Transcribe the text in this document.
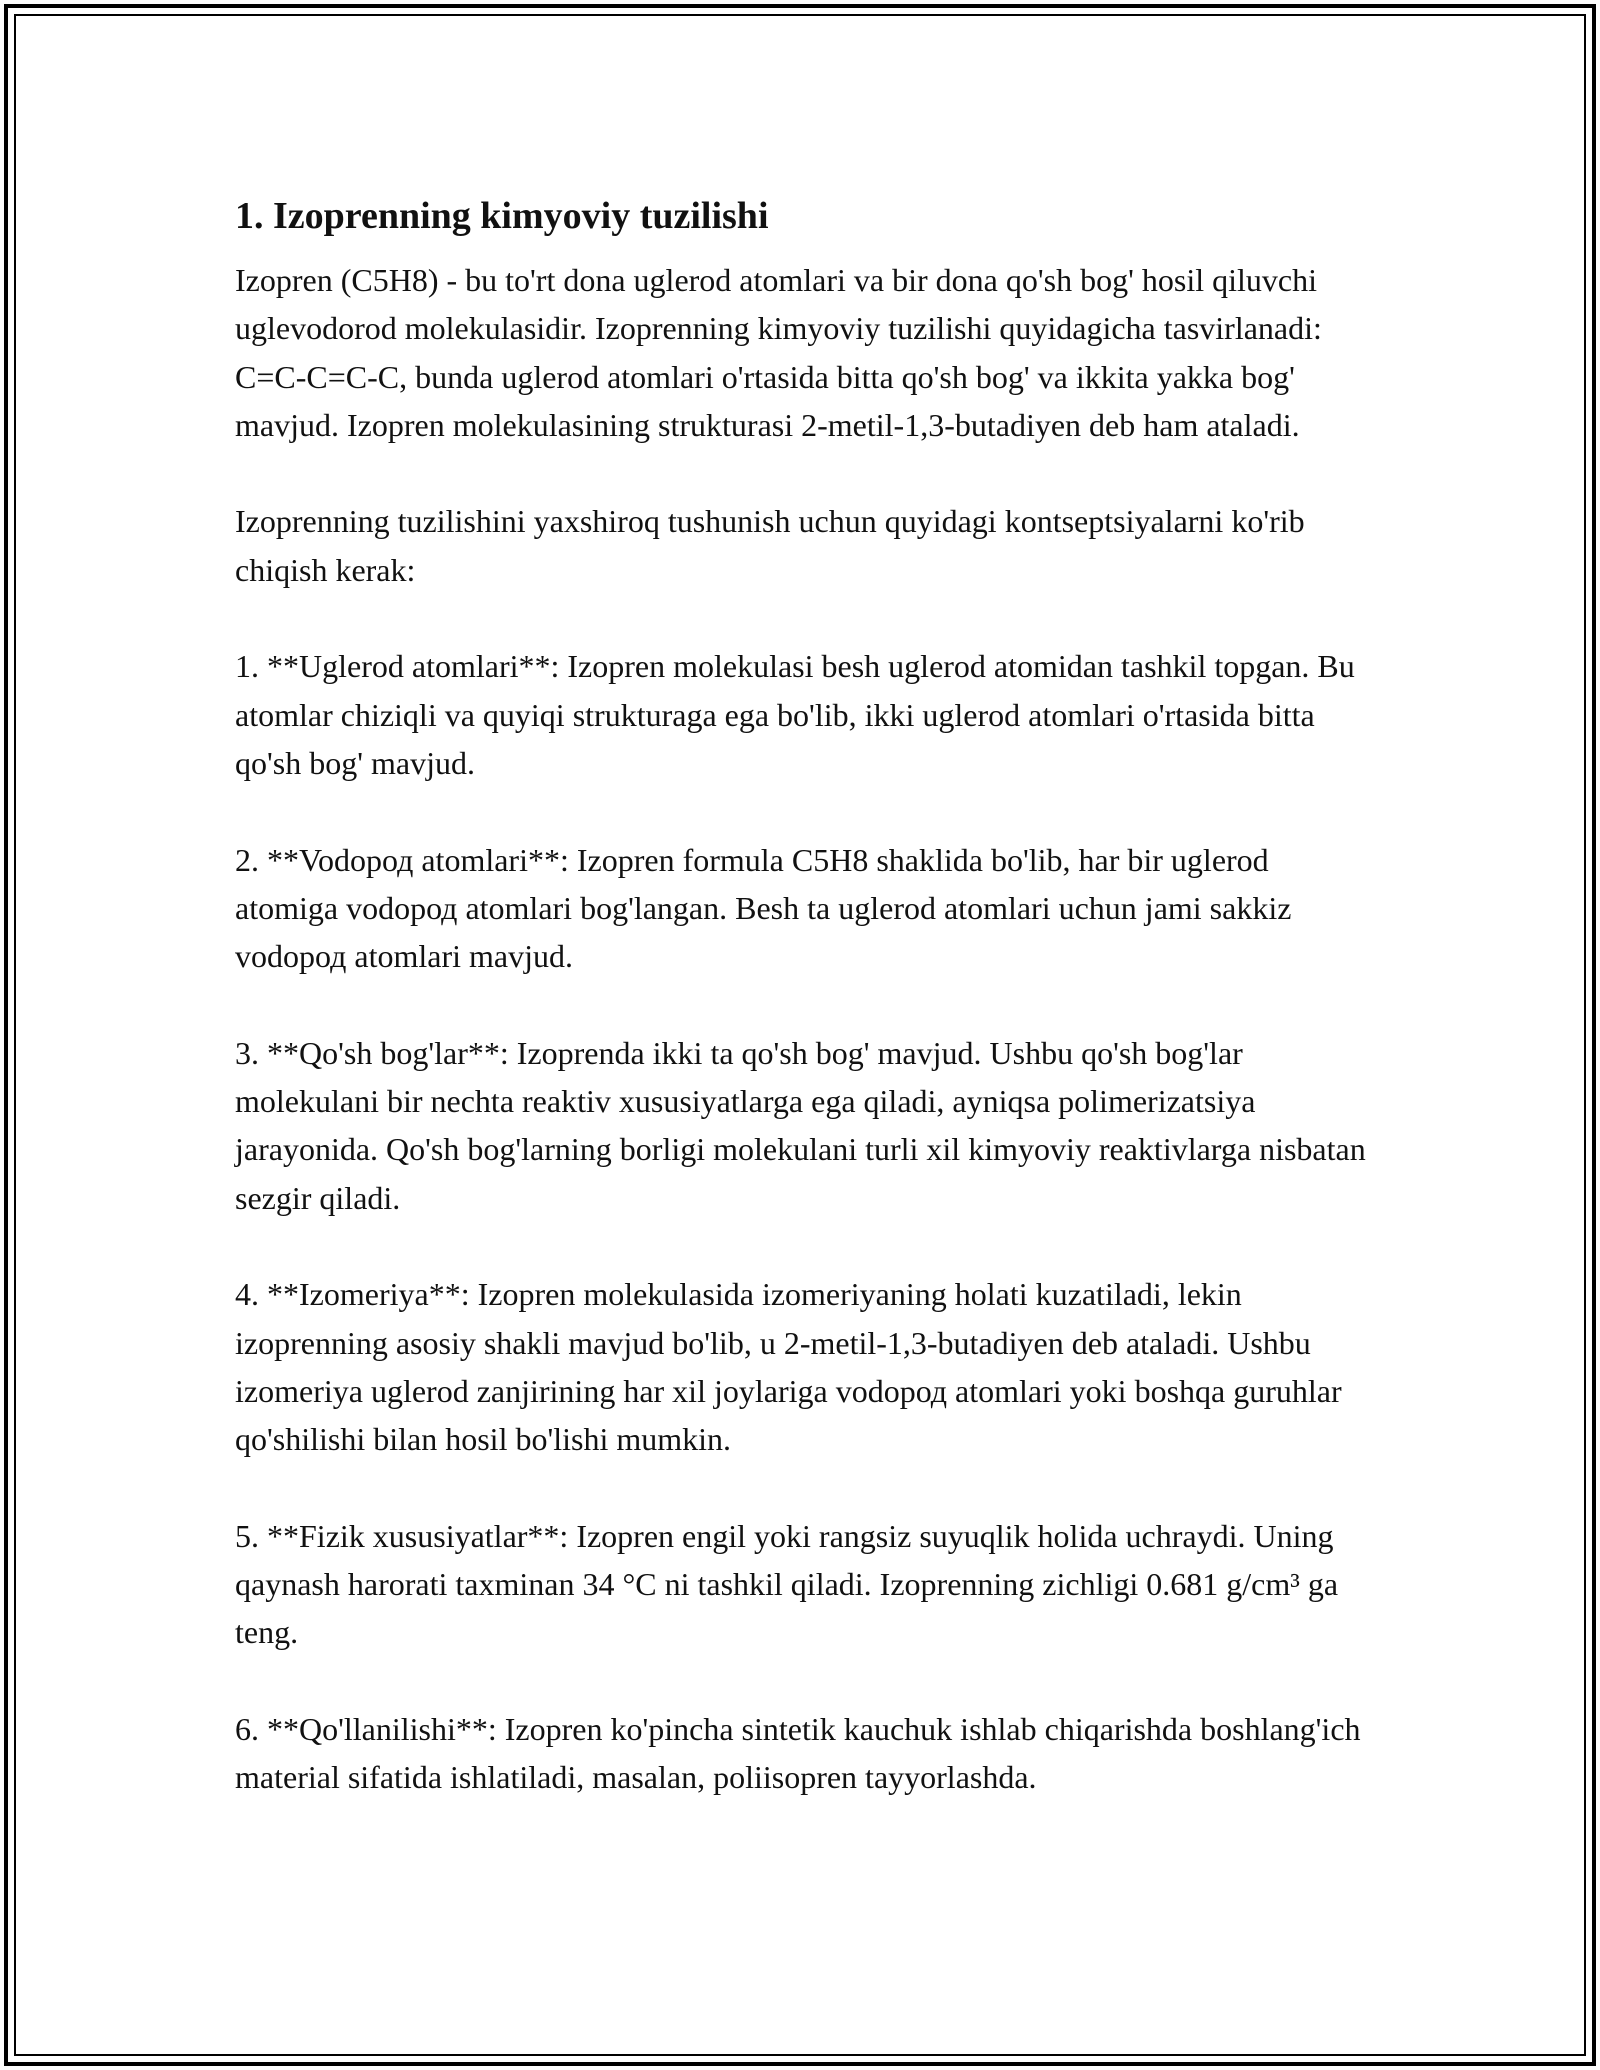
1. Izoprenning kimyoviy tuzilishi

Izopren (C5H8) - bu to'rt dona uglerod atomlari va bir dona qo'sh bog' hosil qiluvchi uglevodorod molekulasidir. Izoprenning kimyoviy tuzilishi quyidagicha tasvirlanadi: C=C-C=C-C, bunda uglerod atomlari o'rtasida bitta qo'sh bog' va ikkita yakka bog' mavjud. Izopren molekulasining strukturasi 2-metil-1,3-butadiyen deb ham ataladi.

Izoprenning tuzilishini yaxshiroq tushunish uchun quyidagi kontseptsiyalarni ko'rib chiqish kerak:

1. **Uglerod atomlari**: Izopren molekulasi besh uglerod atomidan tashkil topgan. Bu atomlar chiziqli va quyiqi strukturaga ega bo'lib, ikki uglerod atomlari o'rtasida bitta qo'sh bog' mavjud.

2. **Vodoрод atomlari**: Izopren formula C5H8 shaklida bo'lib, har bir uglerod atomiga vodoрод atomlari bog'langan. Besh ta uglerod atomlari uchun jami sakkiz vodoрод atomlari mavjud.

3. **Qo'sh bog'lar**: Izoprenda ikki ta qo'sh bog' mavjud. Ushbu qo'sh bog'lar molekulani bir nechta reaktiv xususiyatlarga ega qiladi, ayniqsa polimerizatsiya jarayonida. Qo'sh bog'larning borligi molekulani turli xil kimyoviy reaktivlarga nisbatan sezgir qiladi.

4. **Izomeriya**: Izopren molekulasida izomeriyaning holati kuzatiladi, lekin izoprenning asosiy shakli mavjud bo'lib, u 2-metil-1,3-butadiyen deb ataladi. Ushbu izomeriya uglerod zanjirining har xil joylariga vodoрод atomlari yoki boshqa guruhlar qo'shilishi bilan hosil bo'lishi mumkin.

5. **Fizik xususiyatlar**: Izopren engil yoki rangsiz suyuqlik holida uchraydi. Uning qaynash harorati taxminan 34 °C ni tashkil qiladi. Izoprenning zichligi 0.681 g/cm³ ga teng.

6. **Qo'llanilishi**: Izopren ko'pincha sintetik kauchuk ishlab chiqarishda boshlang'ich material sifatida ishlatiladi, masalan, poliisopren tayyorlashda.
